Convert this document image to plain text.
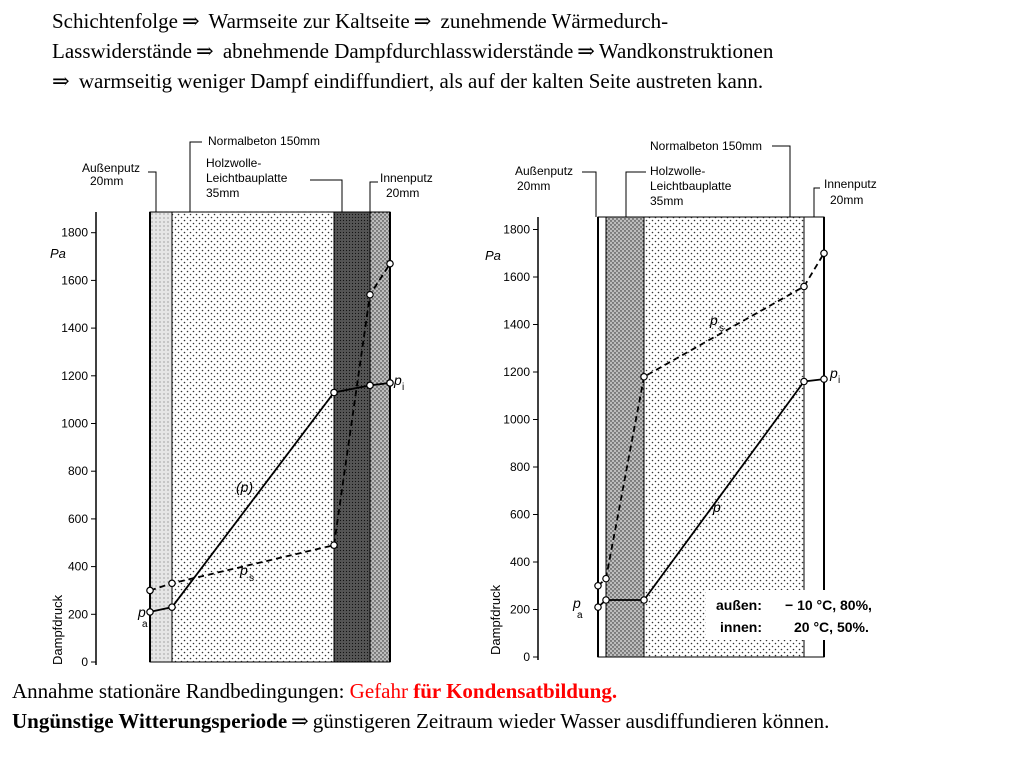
Schichtenfolge ⇒ Warmseite zur Kaltseite ⇒ zunehmende Wärmedurch-
Lasswiderstände ⇒ abnehmende Dampfdurchlasswiderstände ⇒ Wandkonstruktionen
⇒ warmseitig weniger Dampf eindiffundiert, als auf der kalten Seite austreten kann.
0
200
400
600
800
1000
1200
1400
1600
1800
Pa
Dampfdruck
Außenputz
20mm
Normalbeton 150mm
Holzwolle-
Leichtbauplatte
35mm
Innenputz
20mm
(p)
p
s
p i
p
a
0
200
400
600
800
1000
1200
1400
1600
1800
Pa
Dampfdruck
Außenputz
20mm
Normalbeton 150mm
Holzwolle-
Leichtbauplatte
35mm
Innenputz
20mm
p
p
s
p i
p
a
außen: − 10 °C, 80%,
innen: 20 °C, 50%.
Annahme stationäre Randbedingungen: Gefahr für Kondensatbildung.
Ungünstige Witterungsperiode ⇒ günstigeren Zeitraum wieder Wasser ausdiffundieren können.
